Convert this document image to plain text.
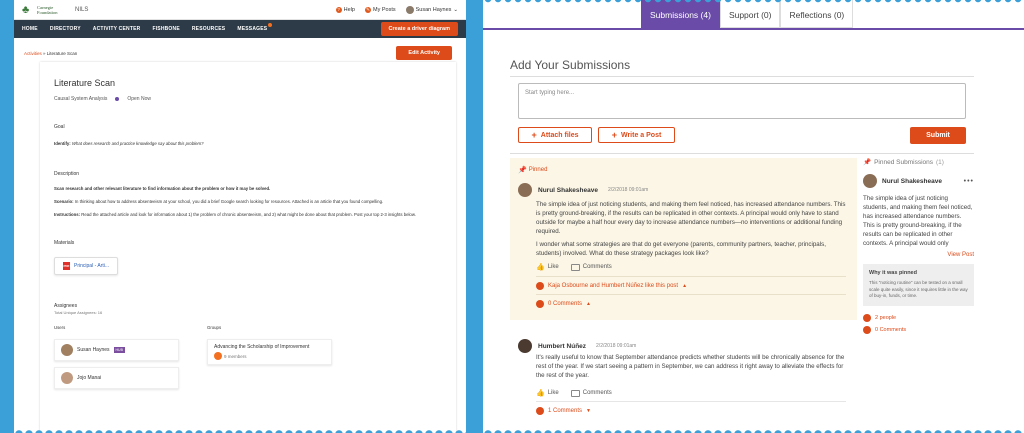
♣	Carnegie Foundation	NILS	? Help ✎ My Posts	Susan Haynes ⌄
HOME DIRECTORY ACTIVITY CENTER FISHBONE RESOURCES MESSAGES	Create a driver diagram
Activities » Literature Scan	Edit Activity
Literature Scan
Causal System Analysis	Open Now
Goal
Identify: What does research and practice knowledge say about this problem?
Description
Scan research and other relevant literature to find information about the problem or how it may be solved.
Scenario: In thinking about how to address absenteeism at your school, you did a brief Google search looking for resources. Attached is an article that you found compelling.
Instructions: Read the attached article and look for information about 1) the problem of chronic absenteeism, and 2) what might be done about that problem. Post your top 2-3 insights below.
Materials
PDF Principal - Arti...
Assignees
Total Unique Assignees: 16
Users
Susan Haynes	HUB
Jojo Manai
Groups
Advancing the Scholarship of Improvement
9 members
Submissions (4)	Support (0)	Reflections (0)
Add Your Submissions
Start typing here...
+ Attach files	+ Write a Post	Submit
📌 Pinned
Nurul Shakesheave 2/2/2018 09:01am
The simple idea of just noticing students, and making them feel noticed, has increased attendance numbers. This is pretty ground-breaking, if the results can be replicated in other contexts. A principal would only have to stand outside for maybe a half hour every day to increase attendance numbers—no interventions or additional funding required.
I wonder what some strategies are that do get everyone (parents, community partners, teacher, principals, students) involved. What do these strategy packages look like?
👍 Like	Comments
Kaja Osbourne and Humbert Núñez like this post ▲
0 Comments ▲
Humbert Núñez 2/2/2018 09:01am
It's really useful to know that September attendance predicts whether students will be chronically absence for the rest of the year. If we start seeing a pattern in September, we can address it right away to alleviate the effects for the rest of the year.
👍 Like	Comments
1 Comments ▼
📌 Pinned Submissions (1)
Nurul Shakesheave	•••
The simple idea of just noticing students, and making them feel noticed, has increased attendance numbers. This is pretty ground-breaking, if the results can be replicated in other contexts. A principal would only
View Post
Why it was pinned
This "noticing routine" can be tested on a small scale quite easily, since it requires little in the way of buy-in, funds, or time.
2 people
0 Comments
